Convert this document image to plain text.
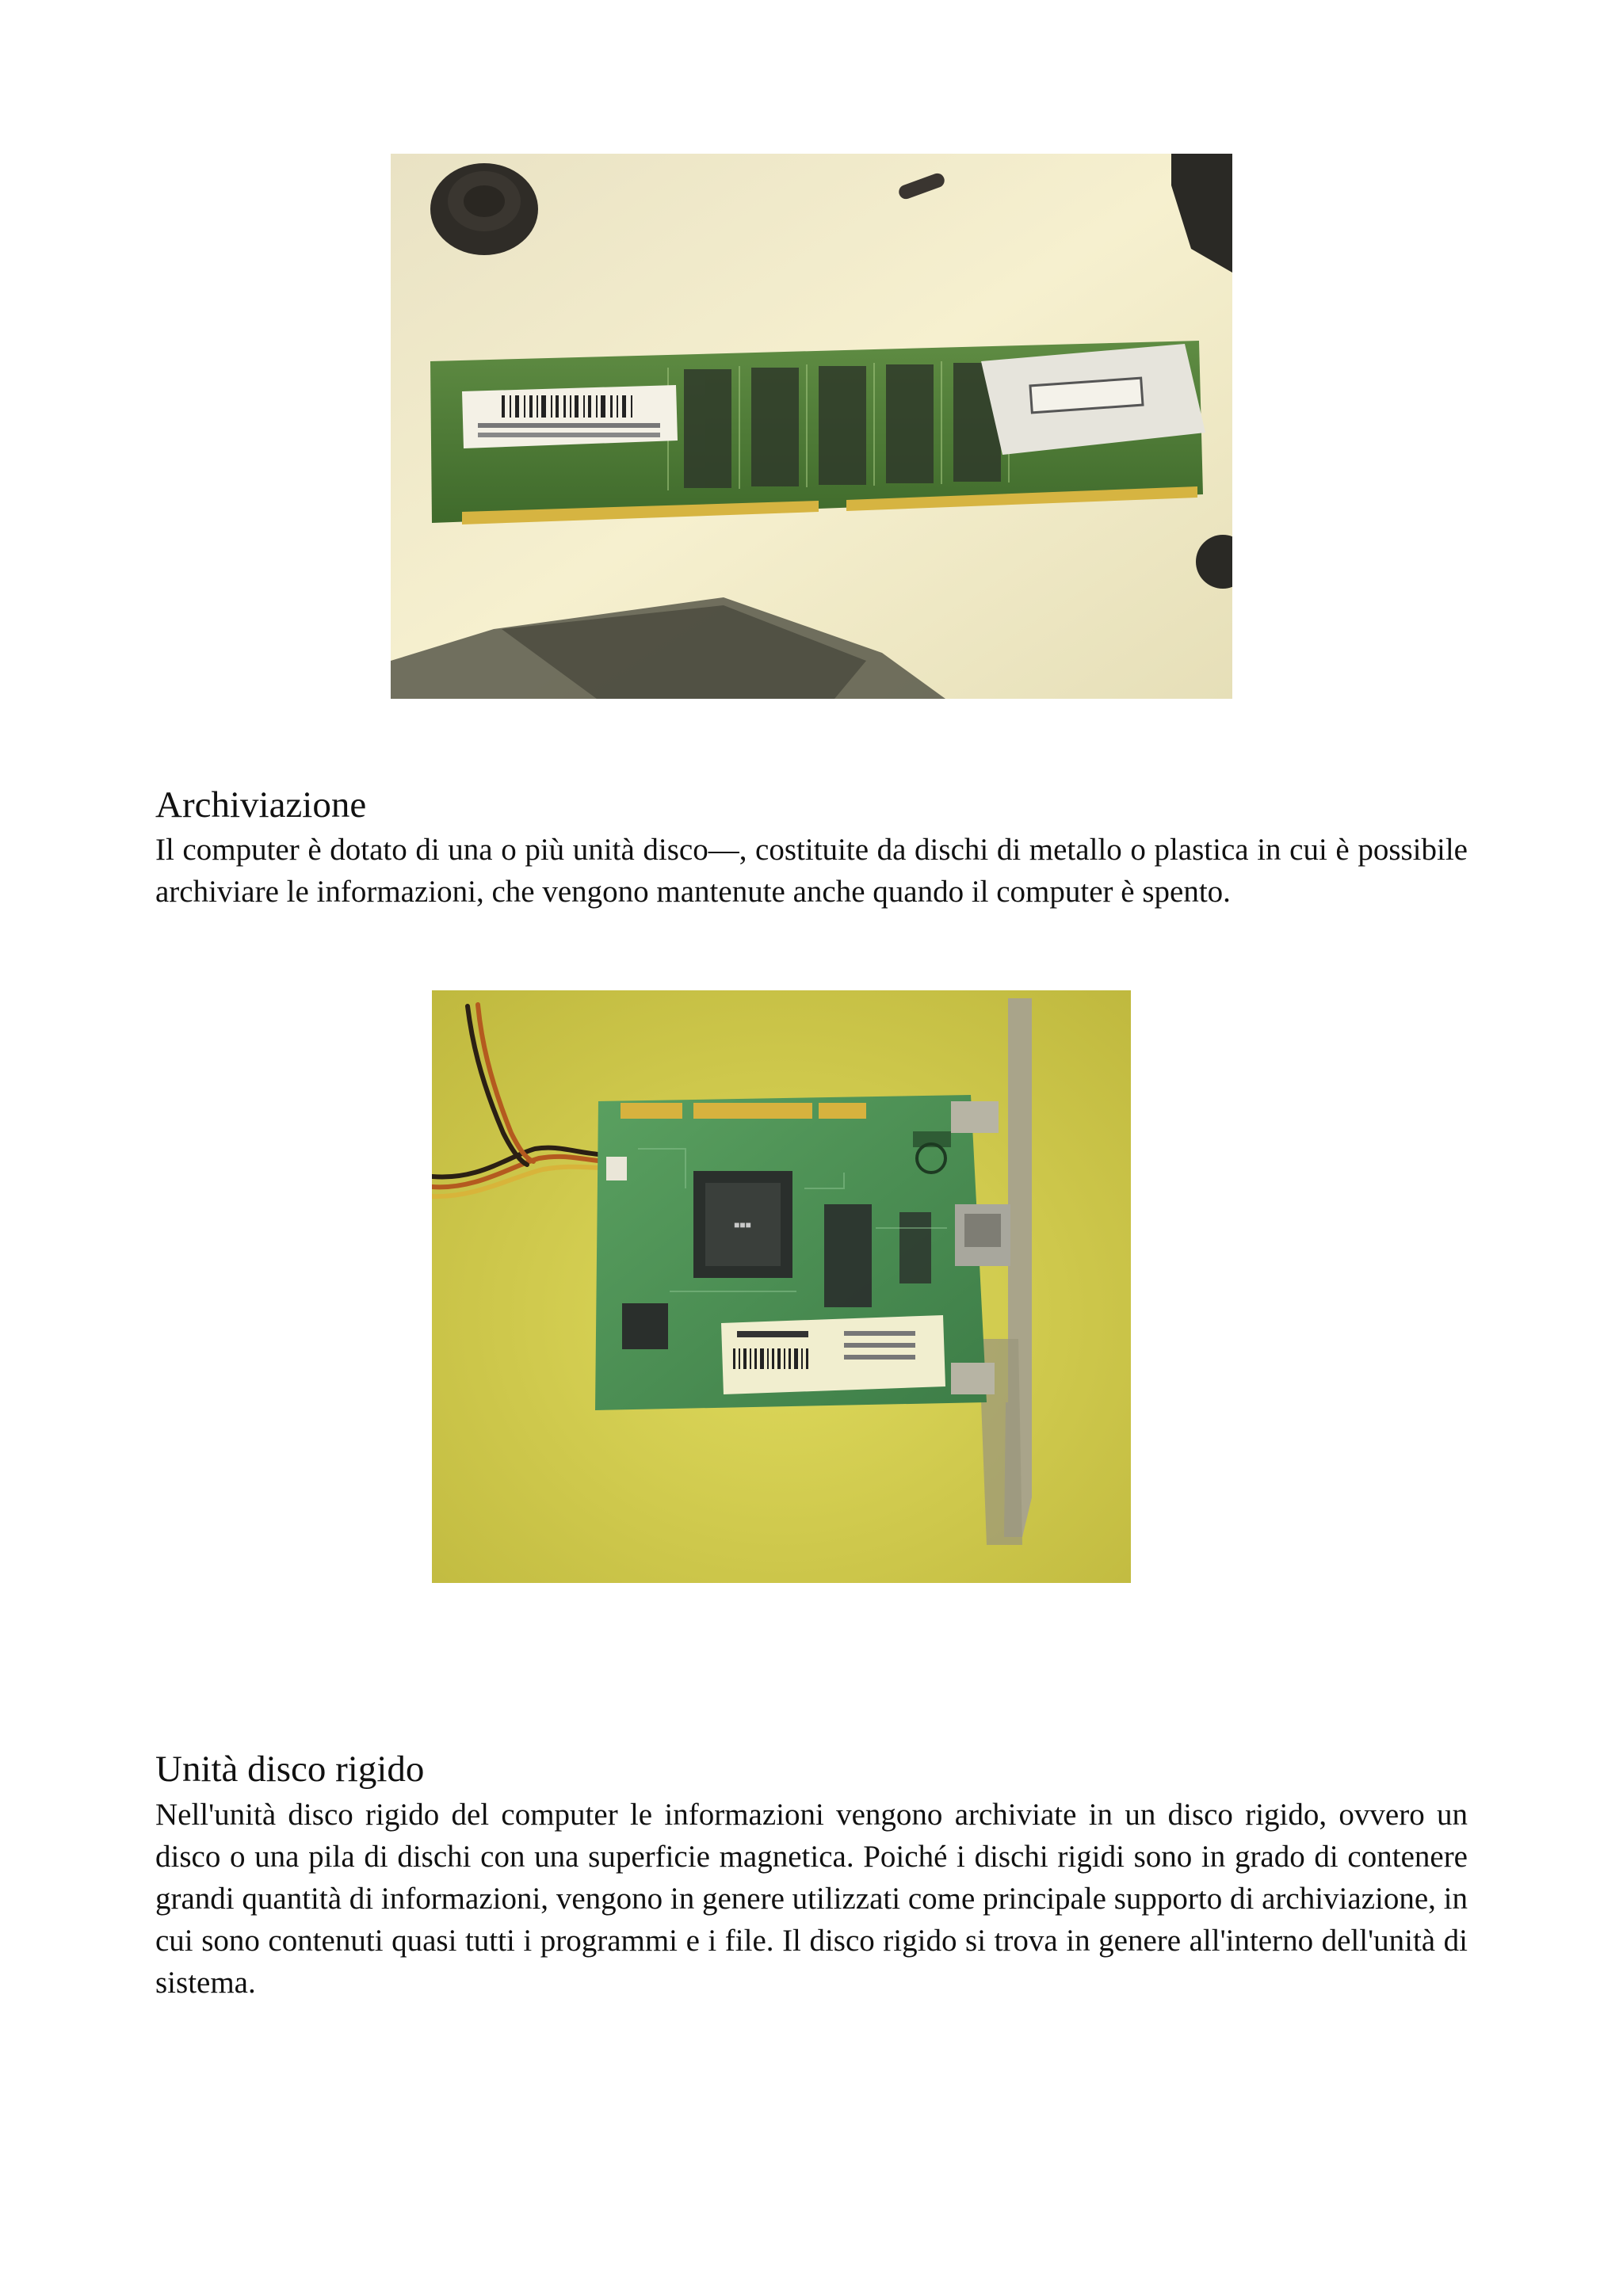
Archiviazione

Il computer è dotato di una o più unità disco—, costituite da dischi di metallo o plastica in cui è possibile archiviare le informazioni, che vengono mantenute anche quando il computer è spento.

■■■
Unità disco rigido

Nell'unità disco rigido del computer le informazioni vengono archiviate in un disco rigido, ovvero un disco o una pila di dischi con una superficie magnetica. Poiché i dischi rigidi sono in grado di contenere grandi quantità di informazioni, vengono in genere utilizzati come principale supporto di archiviazione, in cui sono contenuti quasi tutti i programmi e i file. Il disco rigido si trova in genere all'interno dell'unità di sistema.
